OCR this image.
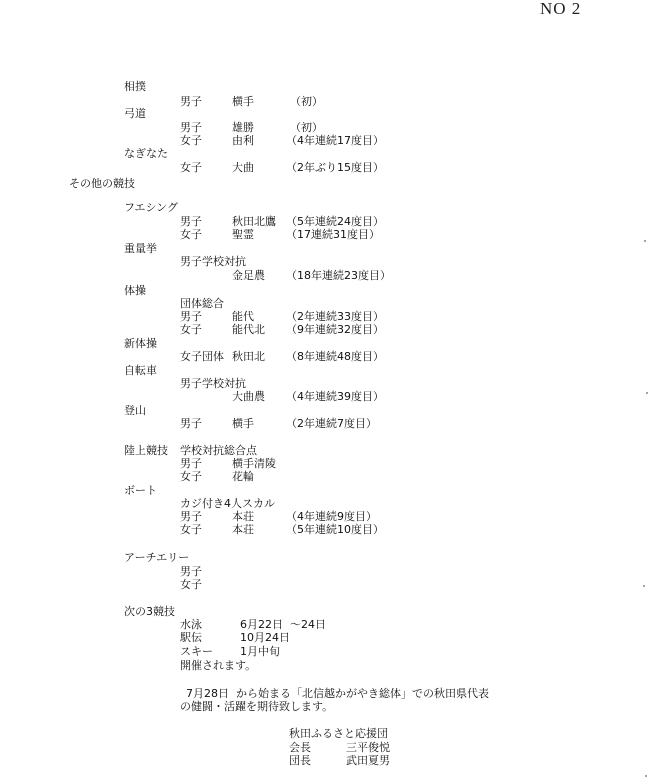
相撲
男子	横手	（初）
弓道
男子	雄勝	（初）
女子	由利	（4年連続17度目）
なぎなた
女子	大曲	（2年ぶり15度目）
その他の競技
フエシング
男子	秋田北鷹 （5年連続24度目）
女子	聖霊	（17連続31度目）
重量挙
男子学校対抗
金足農 （18年連続23度目）
体操
団体総合
男子	能代	（2年連続33度目）
女子	能代北 （9年連続32度目）
新体操
女子団体 秋田北 （8年連続48度目）
自転車
男子学校対抗
大曲農 （4年連続39度目）
登山
男子	横手	（2年連続7度目）
陸上競技 学校対抗総合点
男子	横手清陵
女子	花輪
ボート
カジ付き4人スカル
男子	本荘	（4年連続9度目）
女子	本荘	（5年連続10度目）
アーチエリー
男子
女子
次の3競技
水泳	6月22日 ～24日
駅伝	10月24日
スキー 1月中旬
開催されます。
7月28日 から始まる「北信越かがやき総体」での秋田県代表
の健闘・活躍を期待致します。
秋田ふるさと応援団
会長	三平俊悦
団長	武田夏男
NO 2
